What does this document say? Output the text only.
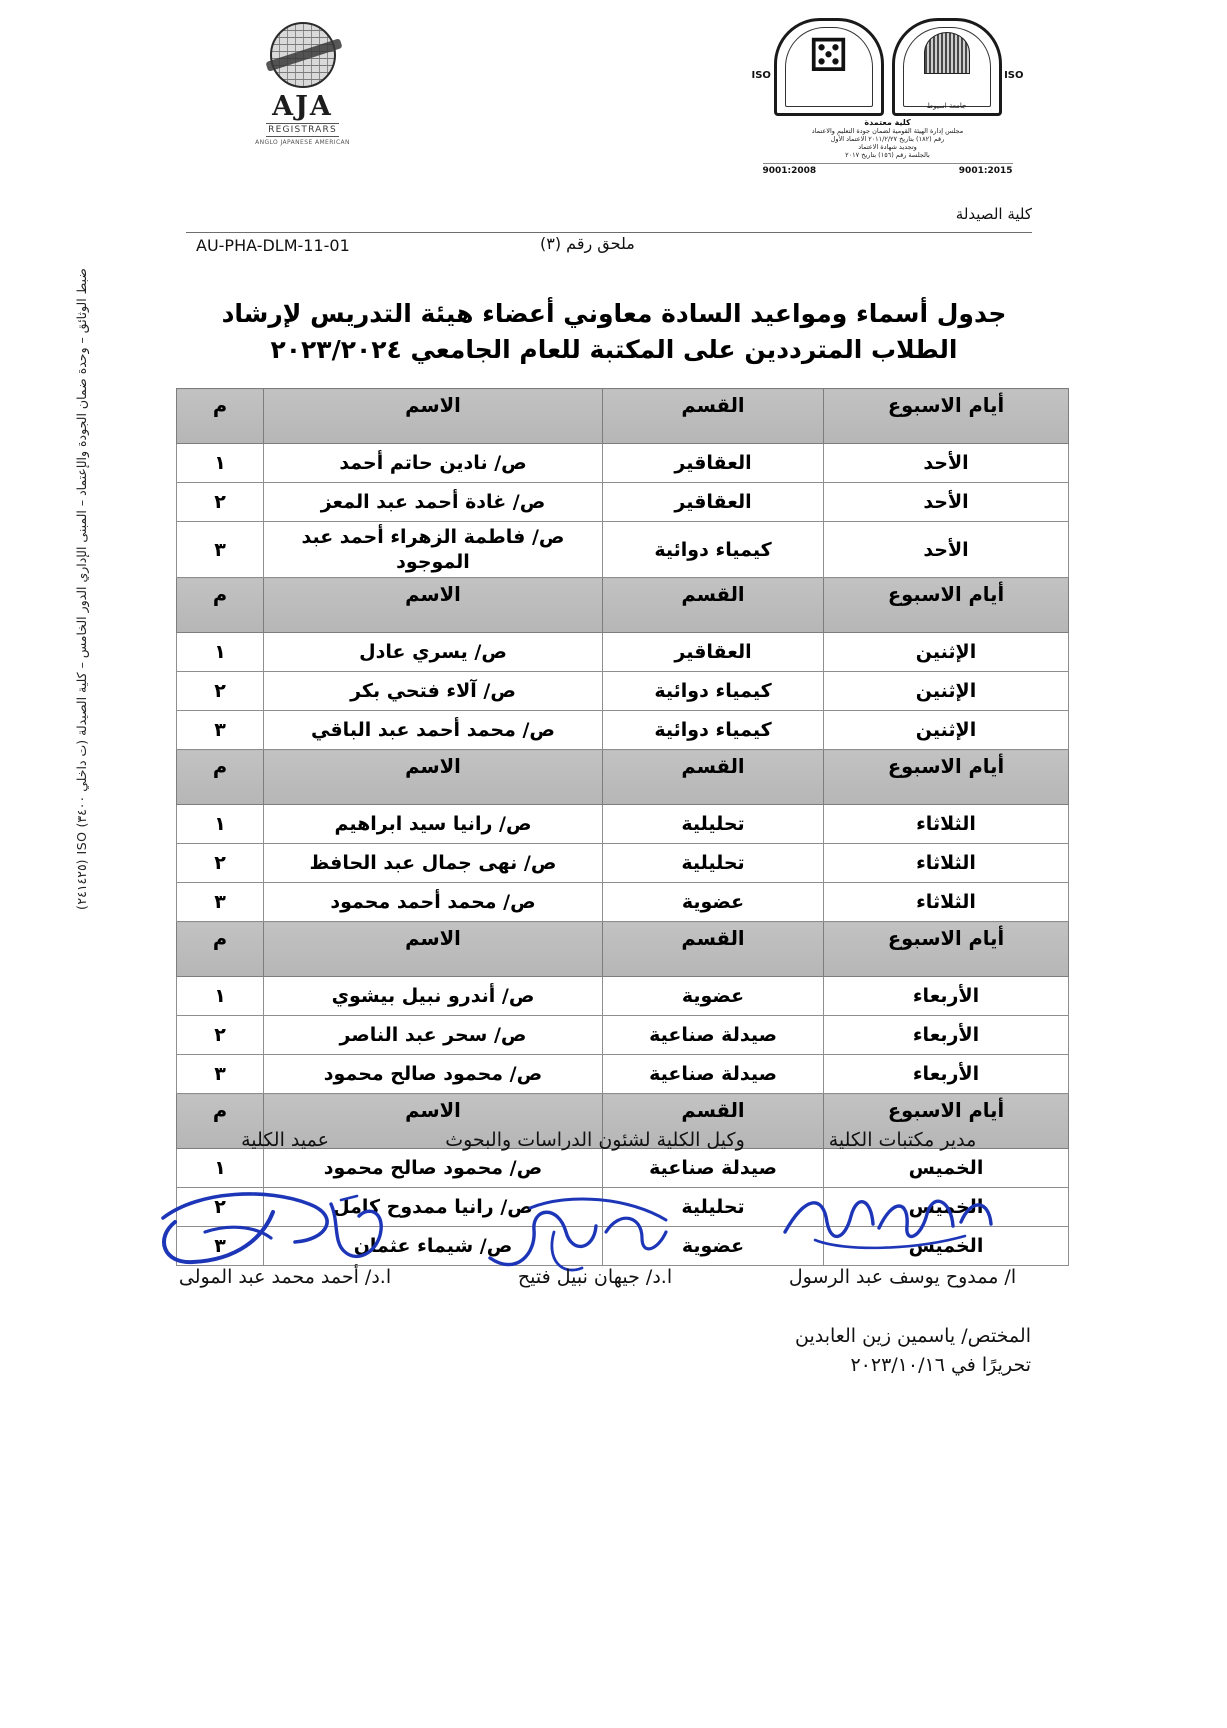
AJA
REGISTRARS
ANGLO JAPANESE AMERICAN
ISO
جامعة اسيوط
⚄	ISO
كلية معتمدة
مجلس إدارة الهيئة القومية لضمان جودة التعليم والاعتماد
رقم (١٨٢) بتاريخ ٢٠١١/٢/٢٧ الاعتماد الأول
وتجديد شهادة الاعتماد
بالجلسة رقم (١٥٦) بتاريخ ٢٠١٧
9001:2015
9001:2008
كلية الصيدلة
AU-PHA-DLM-11-01	ملحق رقم (٣)
ضبط الوثائق – وحدة ضمان الجودة والإعتماد – المبنى الإداري الدور الخامس – كلية الصيدلة (ت داخلي ٣٤٠٠) ISO (٢٤١٤٢٥)	جدول أسماء ومواعيد السادة معاوني أعضاء هيئة التدريس لإرشاد
الطلاب المترددين على المكتبة للعام الجامعي ٢٠٢٣/٢٠٢٤
أيام الاسبوع	القسم	الاسم	م
الأحد	العقاقير	ص/ نادين حاتم أحمد	١
الأحد	العقاقير	ص/ غادة أحمد عبد المعز	٢
الأحد	كيمياء دوائية	ص/ فاطمة الزهراء أحمد عبد الموجود	٣
أيام الاسبوع	القسم	الاسم	م
الإثنين	العقاقير	ص/ يسري عادل	١
الإثنين	كيمياء دوائية	ص/ آلاء فتحي بكر	٢
الإثنين	كيمياء دوائية	ص/ محمد أحمد عبد الباقي	٣
أيام الاسبوع	القسم	الاسم	م
الثلاثاء	تحليلية	ص/ رانيا سيد ابراهيم	١
الثلاثاء	تحليلية	ص/ نهى جمال عبد الحافظ	٢
الثلاثاء	عضوية	ص/ محمد أحمد محمود	٣
أيام الاسبوع	القسم	الاسم	م
الأربعاء	عضوية	ص/ أندرو نبيل بيشوي	١
الأربعاء	صيدلة صناعية	ص/ سحر عبد الناصر	٢
الأربعاء	صيدلة صناعية	ص/ محمود صالح محمود	٣
أيام الاسبوع	القسم	الاسم	م
الخميس	صيدلة صناعية	ص/ محمود صالح محمود	١
الخميس	تحليلية	ص/ رانيا ممدوح كامل	٢
الخميس	عضوية	ص/ شيماء عثمان	٣
مدير مكتبات الكلية
ا/ ممدوح يوسف عبد الرسول
وكيل الكلية لشئون الدراسات والبحوث
ا.د/ جيهان نبيل فتيح
عميد الكلية
ا.د/ أحمد محمد عبد المولى
المختص/ ياسمين زين العابدين
تحريرًا في ٢٠٢٣/١٠/١٦
